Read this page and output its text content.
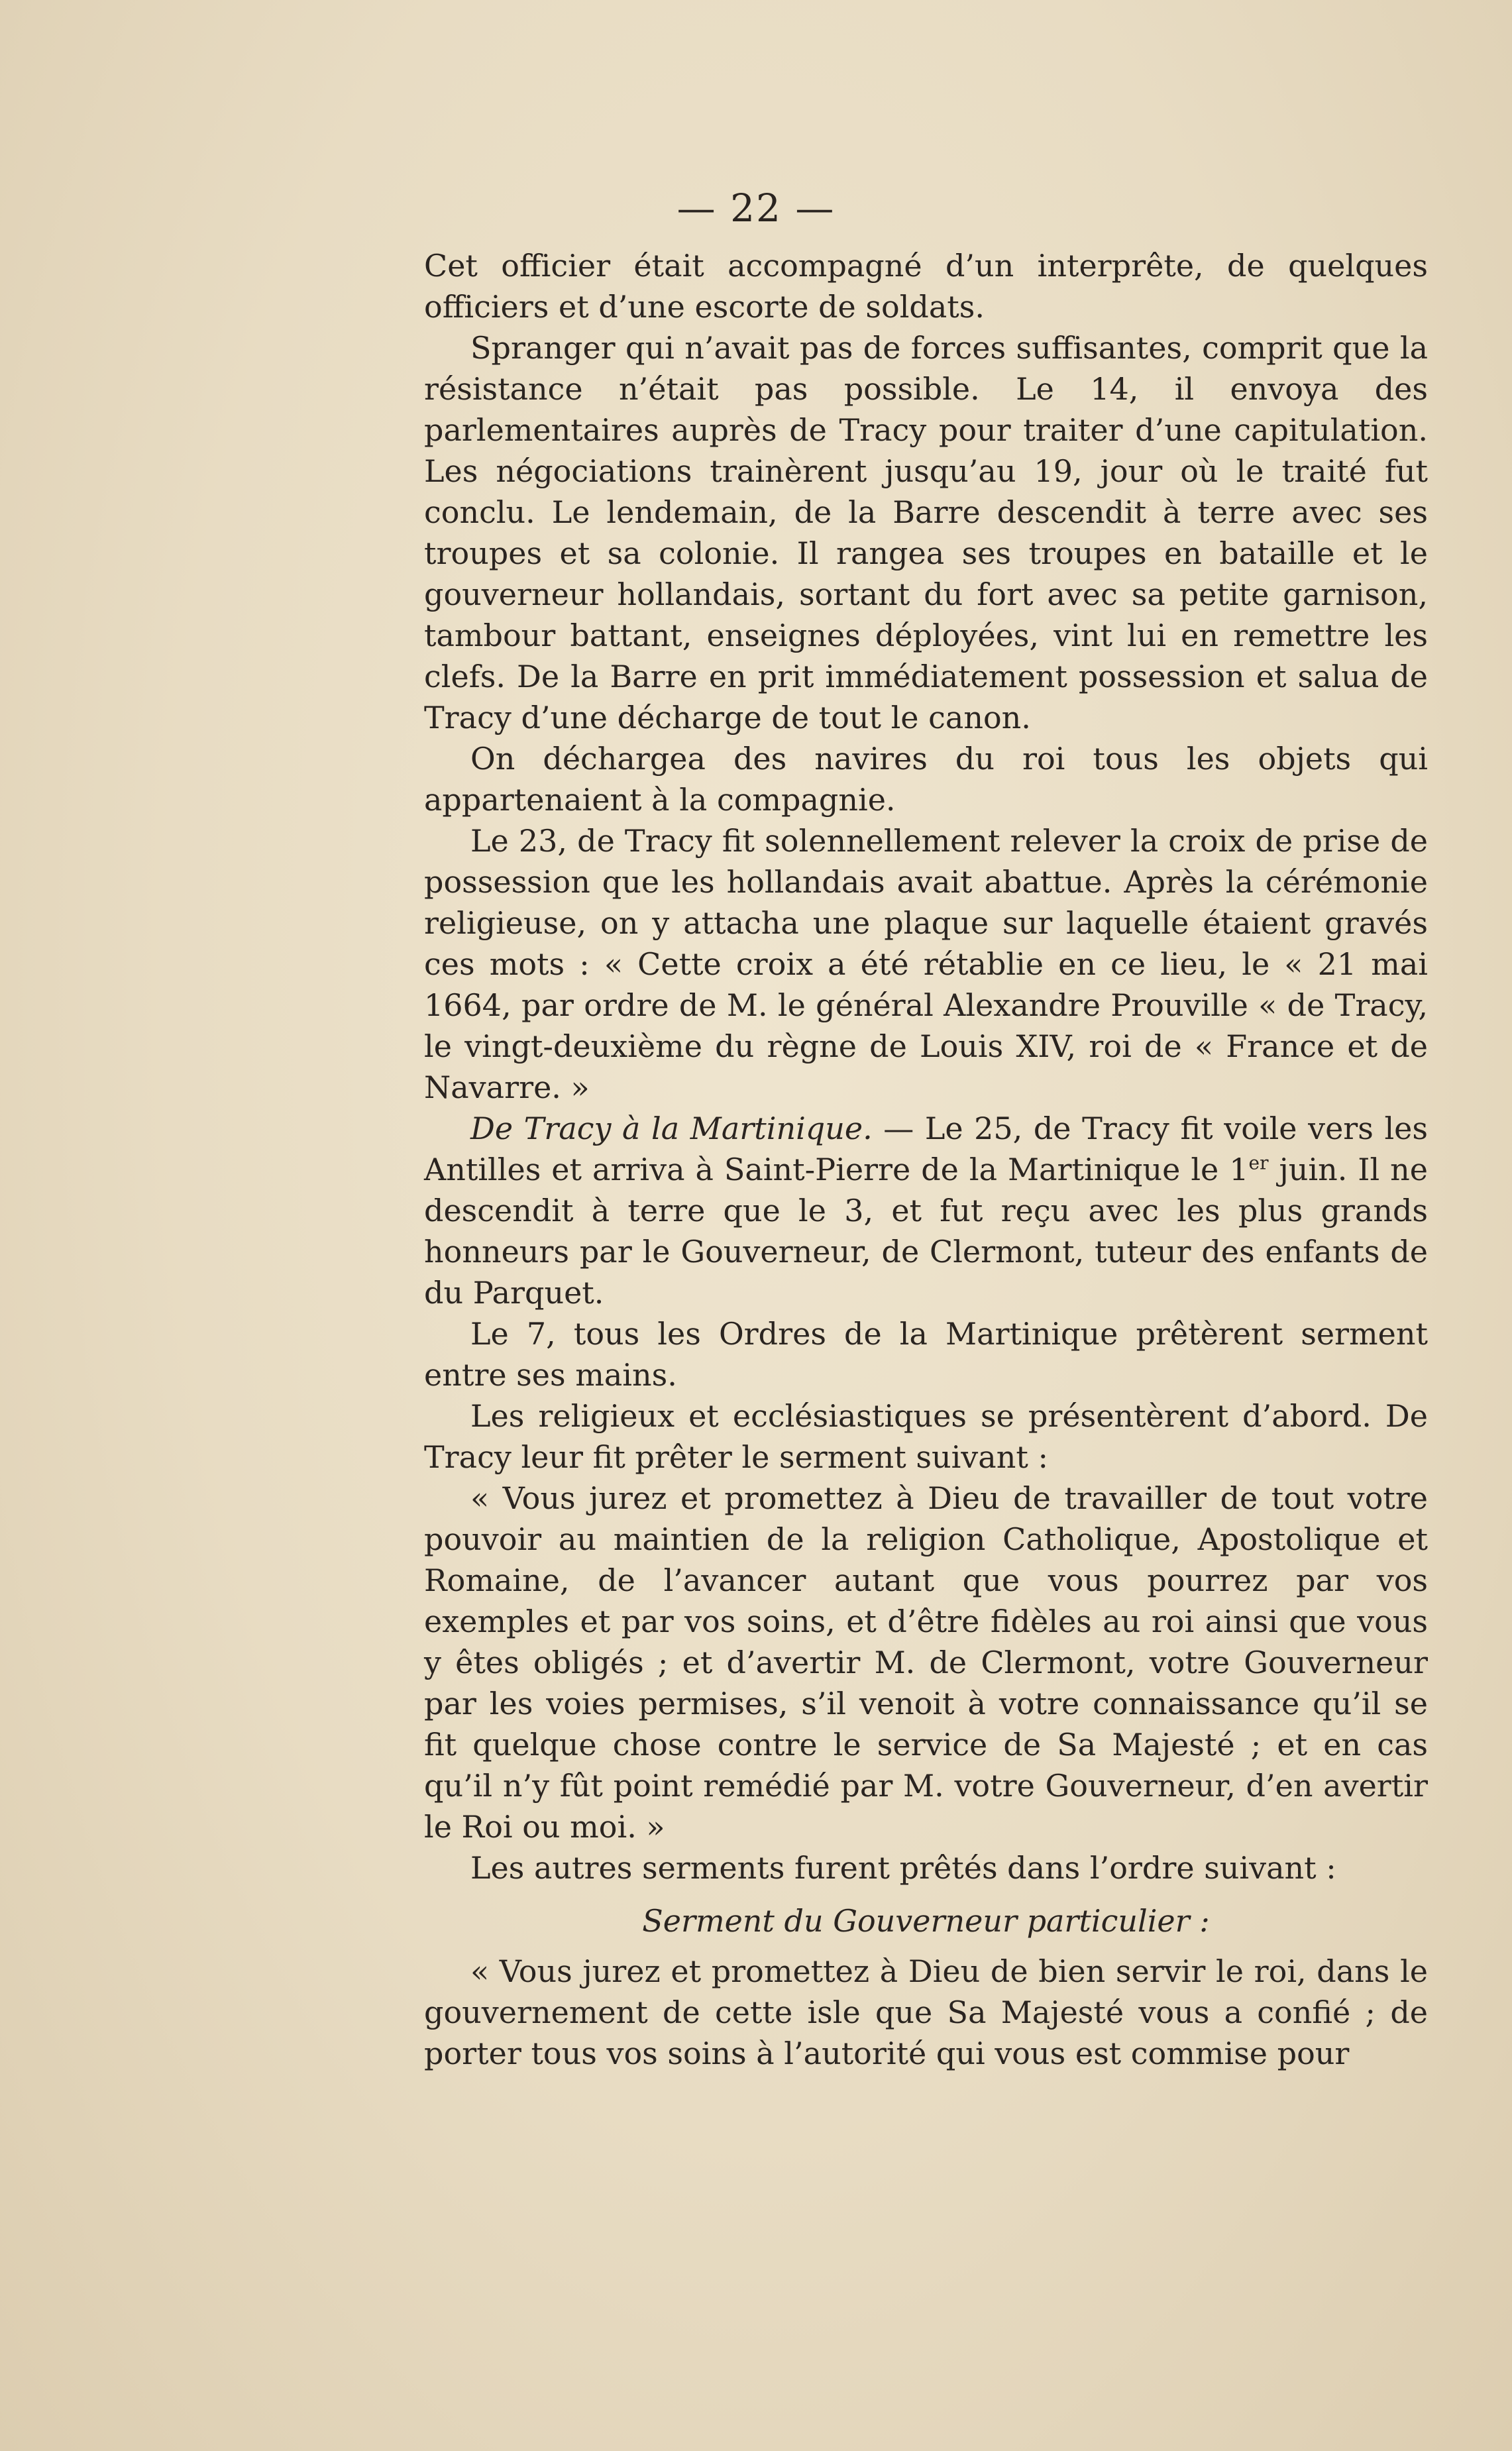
— 22 —

Cet officier était accompagné d’un interprête, de quelques officiers et d’une escorte de soldats.

Spranger qui n’avait pas de forces suffisantes, comprit que la résistance n’était pas possible. Le 14, il envoya des parlementaires auprès de Tracy pour traiter d’une capitulation. Les négociations trainèrent jusqu’au 19, jour où le traité fut conclu. Le lendemain, de la Barre descendit à terre avec ses troupes et sa colonie. Il rangea ses troupes en bataille et le gouverneur hollandais, sortant du fort avec sa petite garnison, tambour battant, enseignes déployées, vint lui en remettre les clefs. De la Barre en prit immédiatement possession et salua de Tracy d’une décharge de tout le canon.

On déchargea des navires du roi tous les objets qui appartenaient à la compagnie.

Le 23, de Tracy fit solennellement relever la croix de prise de possession que les hollandais avait abattue. Après la cérémonie religieuse, on y attacha une plaque sur laquelle étaient gravés ces mots : « Cette croix a été rétablie en ce lieu, le « 21 mai 1664, par ordre de M. le général Alexandre Prouville « de Tracy, le vingt-deuxième du règne de Louis XIV, roi de « France et de Navarre. »

De Tracy à la Martinique. — Le 25, de Tracy fit voile vers les Antilles et arriva à Saint-Pierre de la Martinique le 1er juin. Il ne descendit à terre que le 3, et fut reçu avec les plus grands honneurs par le Gouverneur, de Clermont, tuteur des enfants de du Parquet.

Le 7, tous les Ordres de la Martinique prêtèrent serment entre ses mains.

Les religieux et ecclésiastiques se présentèrent d’abord. De Tracy leur fit prêter le serment suivant :

« Vous jurez et promettez à Dieu de travailler de tout votre pouvoir au maintien de la religion Catholique, Apostolique et Romaine, de l’avancer autant que vous pourrez par vos exemples et par vos soins, et d’être fidèles au roi ainsi que vous y êtes obligés ; et d’avertir M. de Clermont, votre Gouverneur par les voies permises, s’il venoit à votre connaissance qu’il se fit quelque chose contre le service de Sa Majesté ; et en cas qu’il n’y fût point remédié par M. votre Gouverneur, d’en avertir le Roi ou moi. »

Les autres serments furent prêtés dans l’ordre suivant :

Serment du Gouverneur particulier :

« Vous jurez et promettez à Dieu de bien servir le roi, dans le gouvernement de cette isle que Sa Majesté vous a confié ; de porter tous vos soins à l’autorité qui vous est commise pour
